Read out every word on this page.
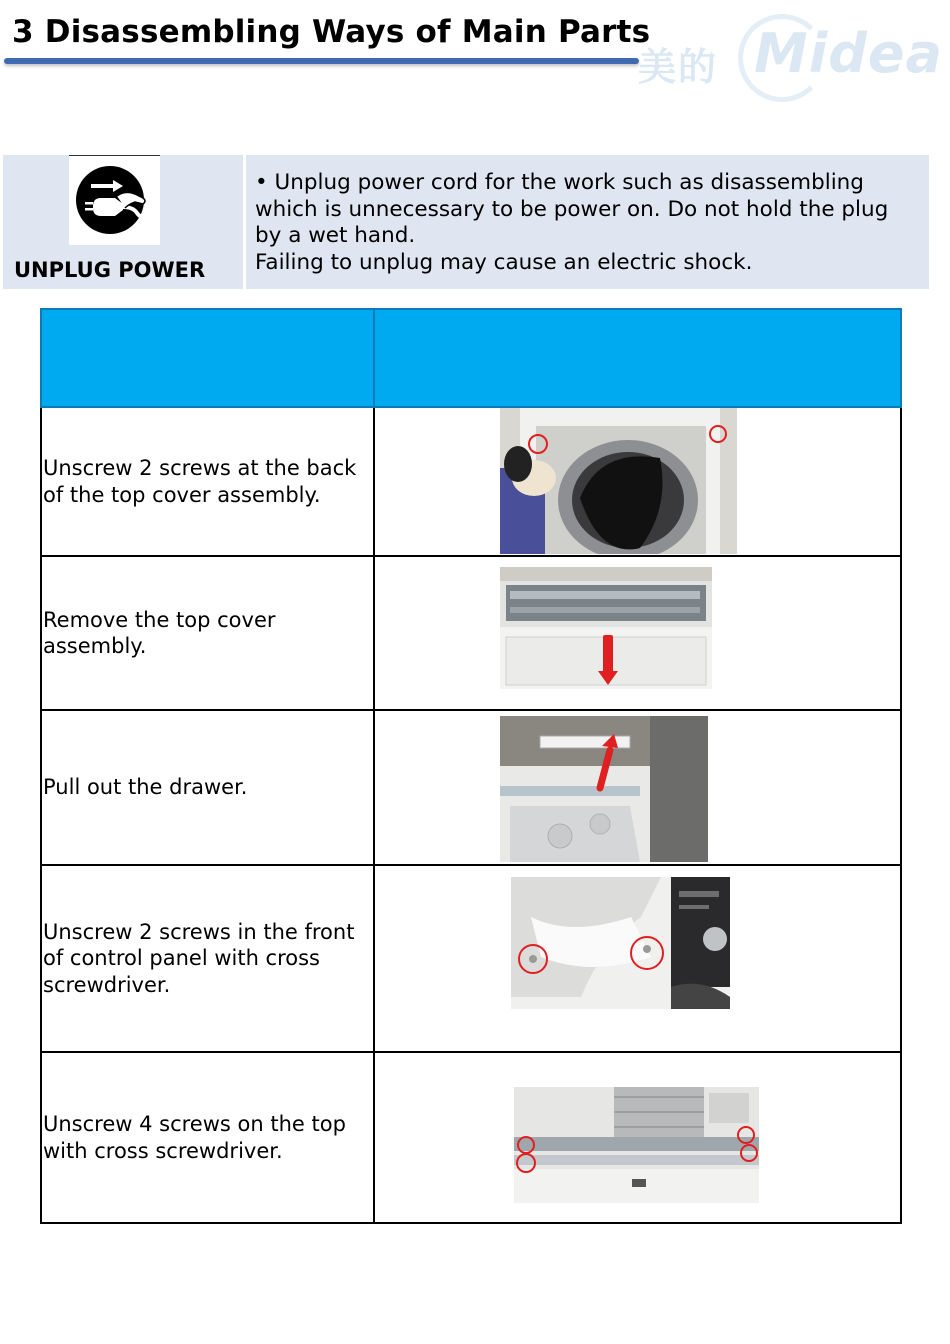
3 Disassembling Ways of Main Parts
美的 Midea
UNPLUG POWER
• Unplug power cord for the work such as disassembling
which is unnecessary to be power on. Do not hold the plug
by a wet hand.
Failing to unplug may cause an electric shock.

Unscrew 2 screws at the back of the top cover assembly.	

Remove the top cover assembly.	

Pull out the drawer.	

Unscrew 2 screws in the front of control panel with cross screwdriver.	

Unscrew 4 screws on the top with cross screwdriver.	
